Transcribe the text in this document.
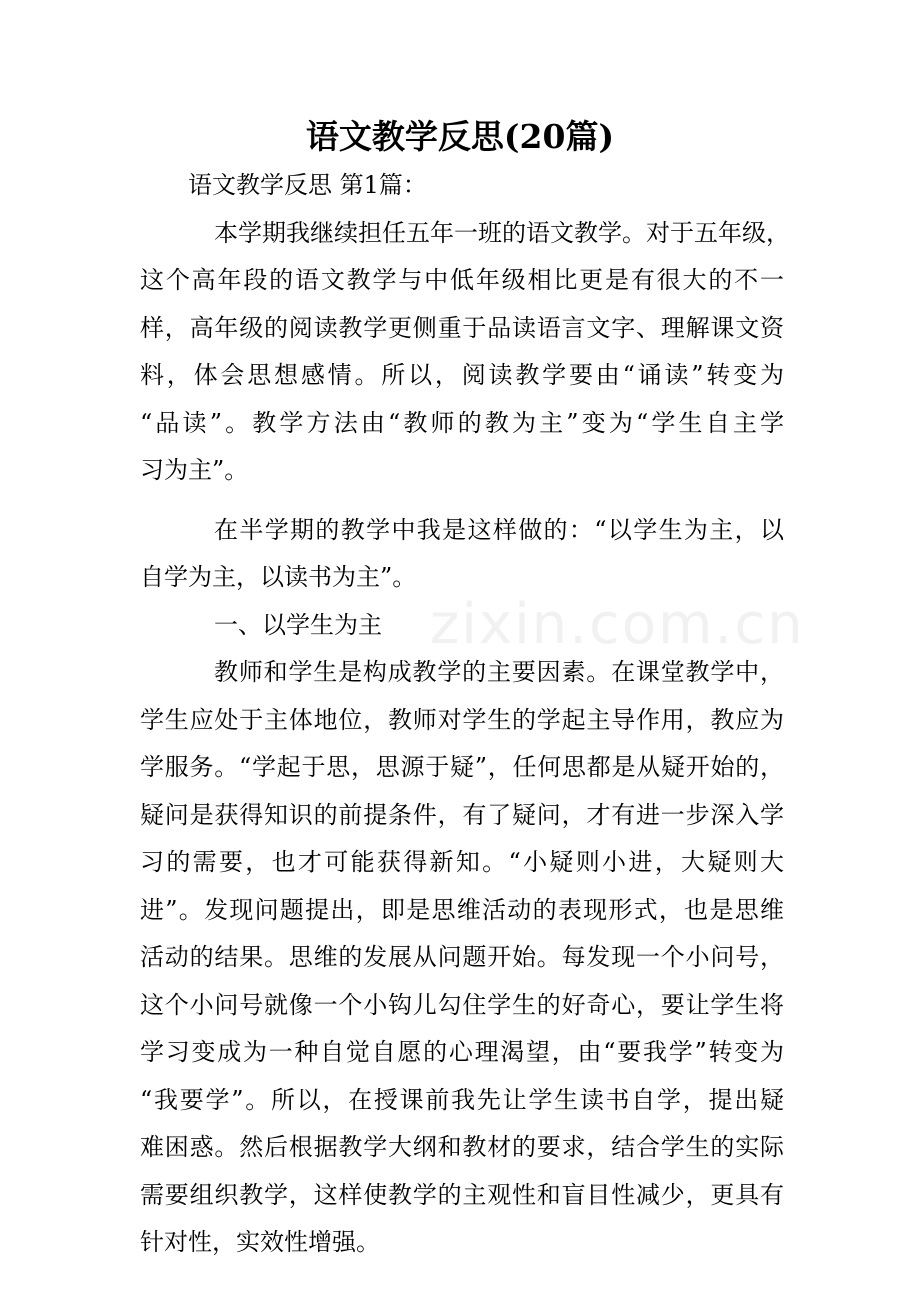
语文教学反思(20篇)
zixin.com.cn
语文教学反思 第1篇：
本学期我继续担任五年一班的语文教学。对于五年级，
这个高年段的语文教学与中低年级相比更是有很大的不一
样，高年级的阅读教学更侧重于品读语言文字、理解课文资
料，体会思想感情。所以，阅读教学要由“诵读”转变为
“品读”。教学方法由“教师的教为主”变为“学生自主学
习为主”。
在半学期的教学中我是这样做的：“以学生为主，以
自学为主，以读书为主”。
一、以学生为主
教师和学生是构成教学的主要因素。在课堂教学中，
学生应处于主体地位，教师对学生的学起主导作用，教应为
学服务。“学起于思，思源于疑”，任何思都是从疑开始的，
疑问是获得知识的前提条件，有了疑问，才有进一步深入学
习的需要，也才可能获得新知。“小疑则小进，大疑则大
进”。发现问题提出，即是思维活动的表现形式，也是思维
活动的结果。思维的发展从问题开始。每发现一个小问号，
这个小问号就像一个小钩儿勾住学生的好奇心，要让学生将
学习变成为一种自觉自愿的心理渴望，由“要我学”转变为
“我要学”。所以，在授课前我先让学生读书自学，提出疑
难困惑。然后根据教学大纲和教材的要求，结合学生的实际
需要组织教学，这样使教学的主观性和盲目性减少，更具有
针对性，实效性增强。
